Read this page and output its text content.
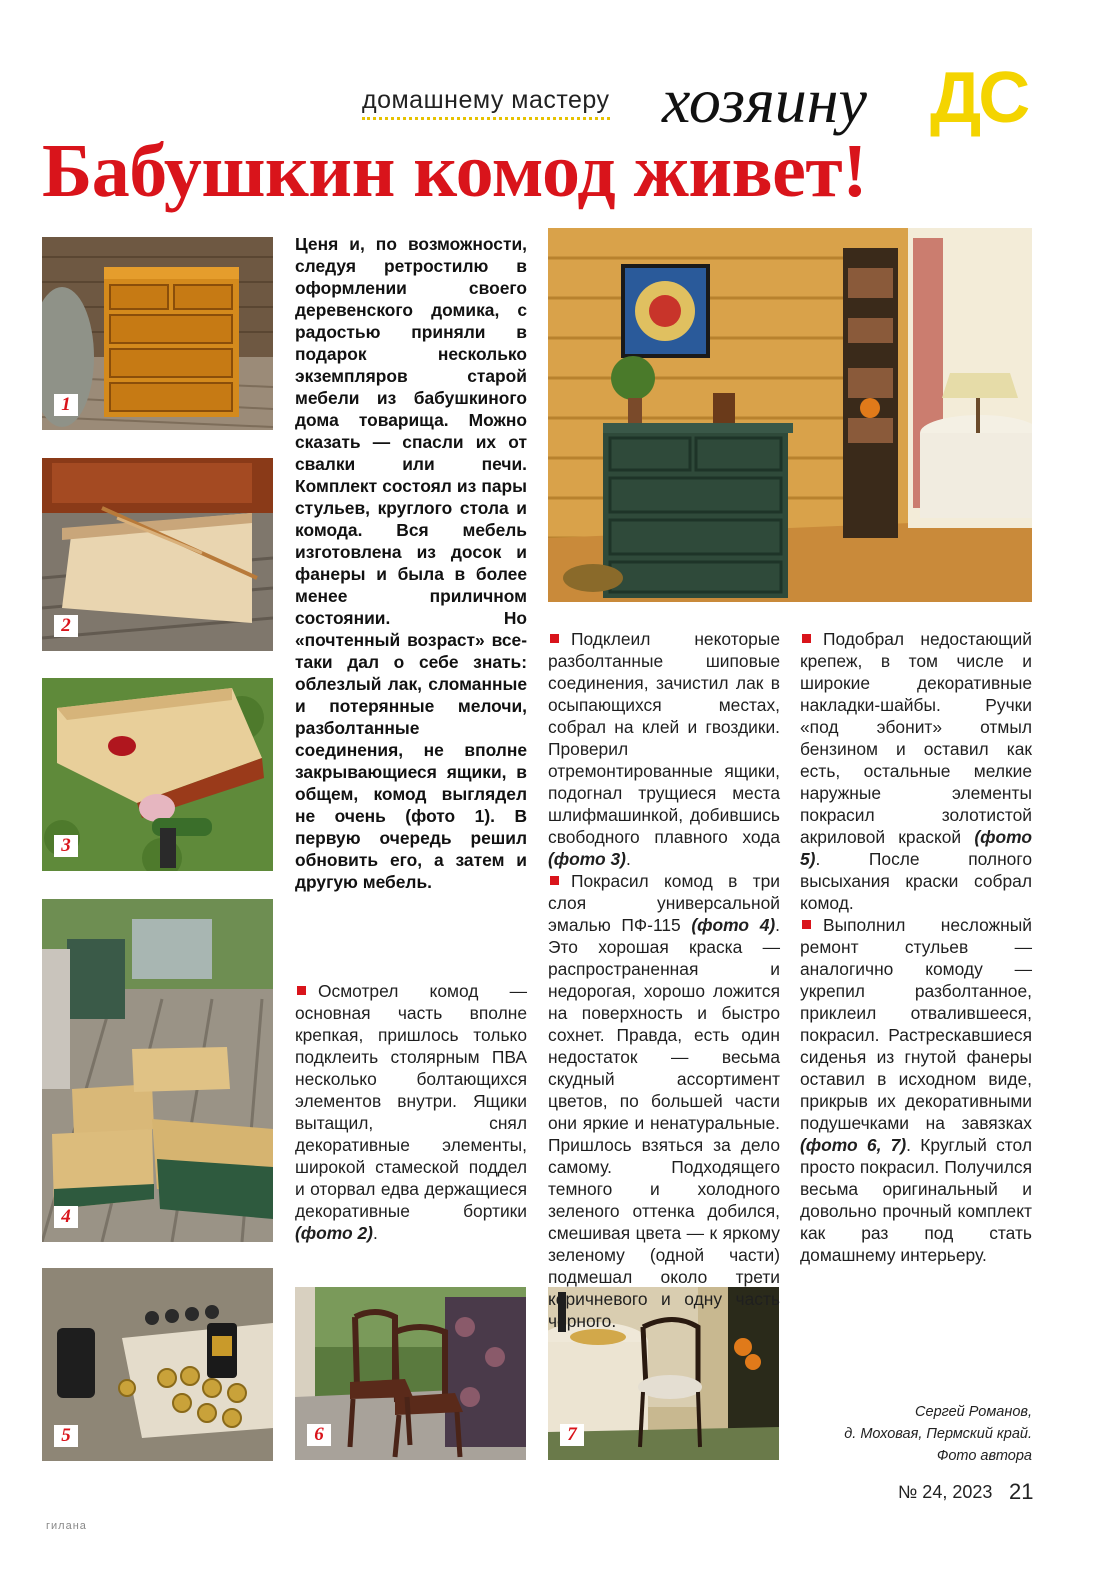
домашнему мастеру хозяину ДС
Бабушкин комод живет!
1
2
3
4
5	6	7
Ценя и, по возможности, следуя ретростилю в оформлении своего деревенского домика, с радостью приняли в подарок несколько экземпляров старой мебели из бабушкиного дома товарища. Можно сказать — спасли их от свалки или печи. Комплект состоял из пары стульев, круглого стола и комода. Вся мебель изготовлена из досок и фанеры и была в более менее приличном состоянии. Но «почтенный возраст» все-таки дал о себе знать: облезлый лак, сломанные и потерянные мелочи, разболтанные соединения, не вполне закрывающиеся ящики, в общем, комод выглядел не очень (фото 1). В первую очередь решил обновить его, а затем и другую мебель.

Осмотрел комод — основная часть вполне крепкая, пришлось только подклеить столярным ПВА несколько болтающихся элементов внутри. Ящики вытащил, снял декоративные элементы, широкой стамеской поддел и оторвал едва держащиеся декоративные бортики (фото 2).

Подклеил некоторые разболтанные шиповые соединения, зачистил лак в осыпающихся местах, собрал на клей и гвоздики. Проверил отремонтированные ящики, подогнал трущиеся места шлифмашинкой, добившись свободного плавного хода (фото 3).

Покрасил комод в три слоя универсальной эмалью ПФ-115 (фото 4). Это хорошая краска — распространенная и недорогая, хорошо ложится на поверхность и быстро сохнет. Правда, есть один недостаток — весьма скудный ассортимент цветов, по большей части они яркие и ненатуральные. Пришлось взяться за дело самому. Подходящего темного и холодного зеленого оттенка добился, смешивая цвета — к яркому зеленому (одной части) подмешал около трети коричневого и одну часть черного.

Подобрал недостающий крепеж, в том числе и широкие декоративные накладки-шайбы. Ручки «под эбонит» отмыл бензином и оставил как есть, остальные мелкие наружные элементы покрасил золотистой акриловой краской (фото 5). После полного высыхания краски собрал комод.

Выполнил несложный ремонт стульев — аналогично комоду — укрепил разболтанное, приклеил отвалившееся, покрасил. Растрескавшиеся сиденья из гнутой фанеры оставил в исходном виде, прикрыв их декоративными подушечками на завязках (фото 6, 7). Круглый стол просто покрасил. Получился весьма оригинальный и довольно прочный комплект как раз под стать домашнему интерьеру.

Сергей Романов,
д. Моховая, Пермский край.
Фото автора
№ 24, 2023 21
гилана
